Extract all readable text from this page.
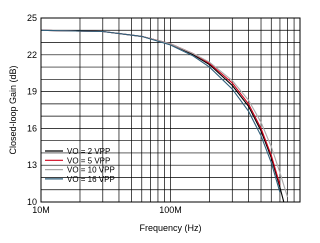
10
13
16
19
22
25
10M	100M
Frequency (Hz)
Closed-loop Gain (dB)	VO = 2 VPP
VO = 5 VPP
VO = 10 VPP
VO = 16 VPP
